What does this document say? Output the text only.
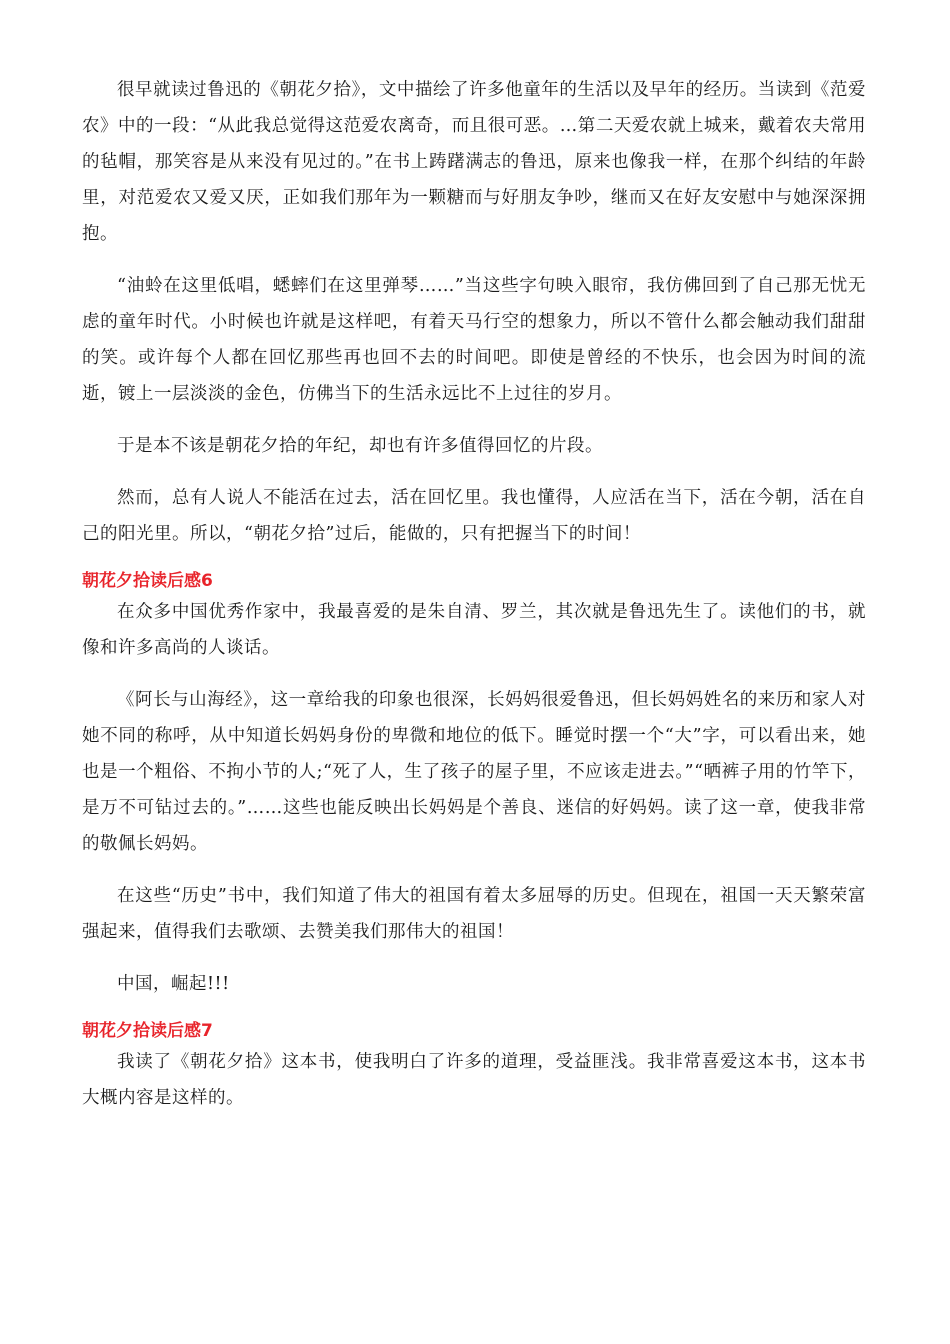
很早就读过鲁迅的《朝花夕拾》，文中描绘了许多他童年的生活以及早年的经历。当读到《范爱农》中的一段：“从此我总觉得这范爱农离奇，而且很可恶。…第二天爱农就上城来，戴着农夫常用的毡帽，那笑容是从来没有见过的。”在书上踌躇满志的鲁迅，原来也像我一样，在那个纠结的年龄里，对范爱农又爱又厌，正如我们那年为一颗糖而与好朋友争吵，继而又在好友安慰中与她深深拥抱。

“油蛉在这里低唱，蟋蟀们在这里弹琴……”当这些字句映入眼帘，我仿佛回到了自己那无忧无虑的童年时代。小时候也许就是这样吧，有着天马行空的想象力，所以不管什么都会触动我们甜甜的笑。或许每个人都在回忆那些再也回不去的时间吧。即使是曾经的不快乐，也会因为时间的流逝，镀上一层淡淡的金色，仿佛当下的生活永远比不上过往的岁月。

于是本不该是朝花夕拾的年纪，却也有许多值得回忆的片段。

然而，总有人说人不能活在过去，活在回忆里。我也懂得，人应活在当下，活在今朝，活在自己的阳光里。所以，“朝花夕拾”过后，能做的，只有把握当下的时间！

朝花夕拾读后感6

在众多中国优秀作家中，我最喜爱的是朱自清、罗兰，其次就是鲁迅先生了。读他们的书，就像和许多高尚的人谈话。

《阿长与山海经》，这一章给我的印象也很深，长妈妈很爱鲁迅，但长妈妈姓名的来历和家人对她不同的称呼，从中知道长妈妈身份的卑微和地位的低下。睡觉时摆一个“大”字，可以看出来，她也是一个粗俗、不拘小节的人;“死了人，生了孩子的屋子里，不应该走进去。”“晒裤子用的竹竿下，是万不可钻过去的。”……这些也能反映出长妈妈是个善良、迷信的好妈妈。读了这一章，使我非常的敬佩长妈妈。

在这些“历史”书中，我们知道了伟大的祖国有着太多屈辱的历史。但现在，祖国一天天繁荣富强起来，值得我们去歌颂、去赞美我们那伟大的祖国！

中国，崛起!!!

朝花夕拾读后感7

我读了《朝花夕拾》这本书，使我明白了许多的道理，受益匪浅。我非常喜爱这本书，这本书大概内容是这样的。
